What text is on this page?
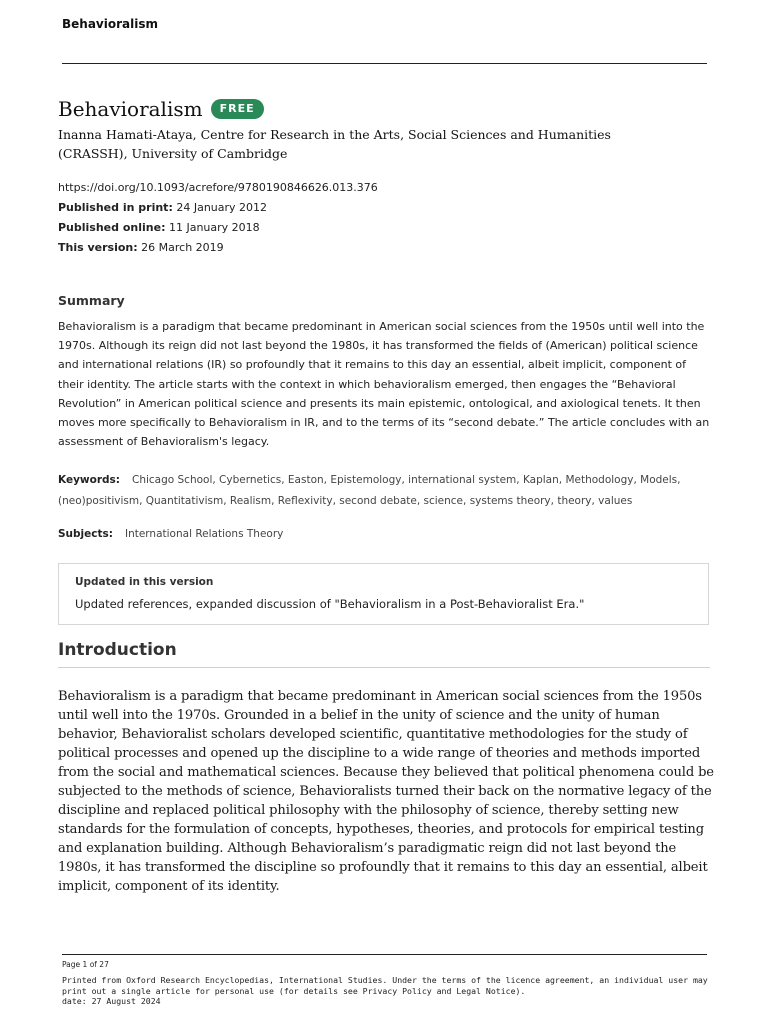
Behavioralism
Behavioralism	FREE
Inanna Hamati-Ataya, Centre for Research in the Arts, Social Sciences and Humanities (CRASSH), University of Cambridge
https://doi.org/10.1093/acrefore/9780190846626.013.376
Published in print: 24 January 2012
Published online: 11 January 2018
This version: 26 March 2019
Summary
Behavioralism is a paradigm that became predominant in American social sciences from the 1950s until well into the 1970s. Although its reign did not last beyond the 1980s, it has transformed the fields of (American) political science and international relations (IR) so profoundly that it remains to this day an essential, albeit implicit, component of their identity. The article starts with the context in which behavioralism emerged, then engages the “Behavioral Revolution” in American political science and presents its main epistemic, ontological, and axiological tenets. It then moves more specifically to Behavioralism in IR, and to the terms of its “second debate.” The article concludes with an assessment of Behavioralism's legacy.
Keywords: Chicago School, Cybernetics, Easton, Epistemology, international system, Kaplan, Methodology, Models, (neo)positivism, Quantitativism, Realism, Reflexivity, second debate, science, systems theory, theory, values
Subjects: International Relations Theory
Updated in this version
Updated references, expanded discussion of "Behavioralism in a Post-Behavioralist Era."
Introduction
Behavioralism is a paradigm that became predominant in American social sciences from the 1950s until well into the 1970s. Grounded in a belief in the unity of science and the unity of human behavior, Behavioralist scholars developed scientific, quantitative methodologies for the study of political processes and opened up the discipline to a wide range of theories and methods imported from the social and mathematical sciences. Because they believed that political phenomena could be subjected to the methods of science, Behavioralists turned their back on the normative legacy of the discipline and replaced political philosophy with the philosophy of science, thereby setting new standards for the formulation of concepts, hypotheses, theories, and protocols for empirical testing and explanation building. Although Behavioralism’s paradigmatic reign did not last beyond the 1980s, it has transformed the discipline so profoundly that it remains to this day an essential, albeit implicit, component of its identity.
Page 1 of 27
Printed from Oxford Research Encyclopedias, International Studies. Under the terms of the licence agreement, an individual user may print out a single article for personal use (for details see Privacy Policy and Legal Notice).
date: 27 August 2024
